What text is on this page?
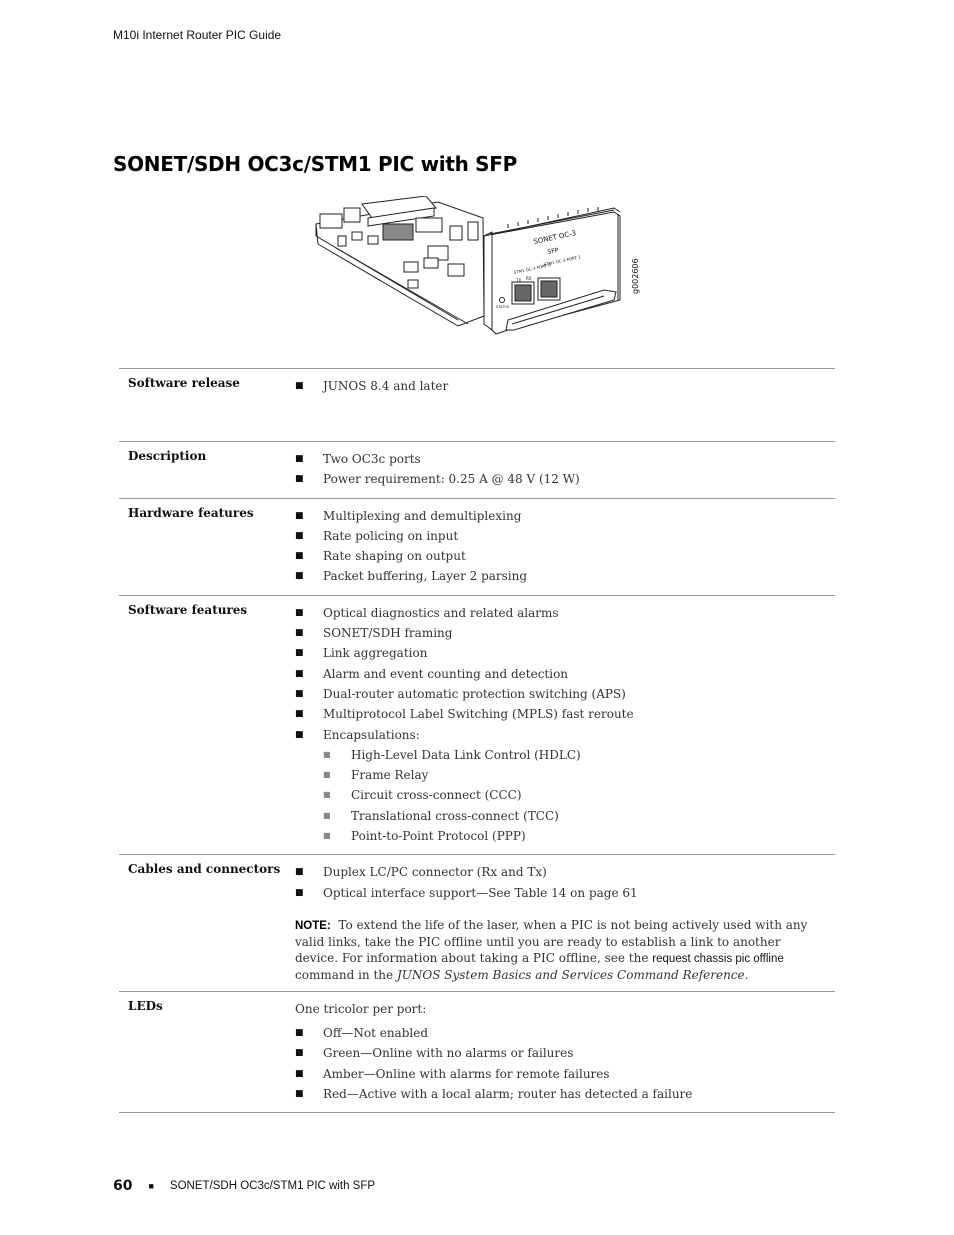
M10i Internet Router PIC Guide
SONET/SDH OC3c/STM1 PIC with SFP
SONET OC-3
SFP
STM1 OC-3 PORT 0
STM1 OC-3 PORT 1
TX RX
STATUS
g002606
Software release	■ JUNOS 8.4 and later
Description	■ Two OC3c ports
■ Power requirement: 0.25 A @ 48 V (12 W)
Hardware features	■ Multiplexing and demultiplexing
■ Rate policing on input
■ Rate shaping on output
■ Packet buffering, Layer 2 parsing
Software features	■ Optical diagnostics and related alarms
■ SONET/SDH framing
■ Link aggregation
■ Alarm and event counting and detection
■ Dual-router automatic protection switching (APS)
■ Multiprotocol Label Switching (MPLS) fast reroute
■ Encapsulations:
■ High-Level Data Link Control (HDLC)
■ Frame Relay
■ Circuit cross-connect (CCC)
■ Translational cross-connect (TCC)
■ Point-to-Point Protocol (PPP)
Cables and connectors	■ Duplex LC/PC connector (Rx and Tx)
■ Optical interface support—See Table 14 on page 61
NOTE: To extend the life of the laser, when a PIC is not being actively used with any valid links, take the PIC offline until you are ready to establish a link to another device. For information about taking a PIC offline, see the request chassis pic offline command in the JUNOS System Basics and Services Command Reference.
LEDs	One tricolor per port:
■ Off—Not enabled
■ Green—Online with no alarms or failures
■ Amber—Online with alarms for remote failures
■ Red—Active with a local alarm; router has detected a failure
60 ■ SONET/SDH OC3c/STM1 PIC with SFP
